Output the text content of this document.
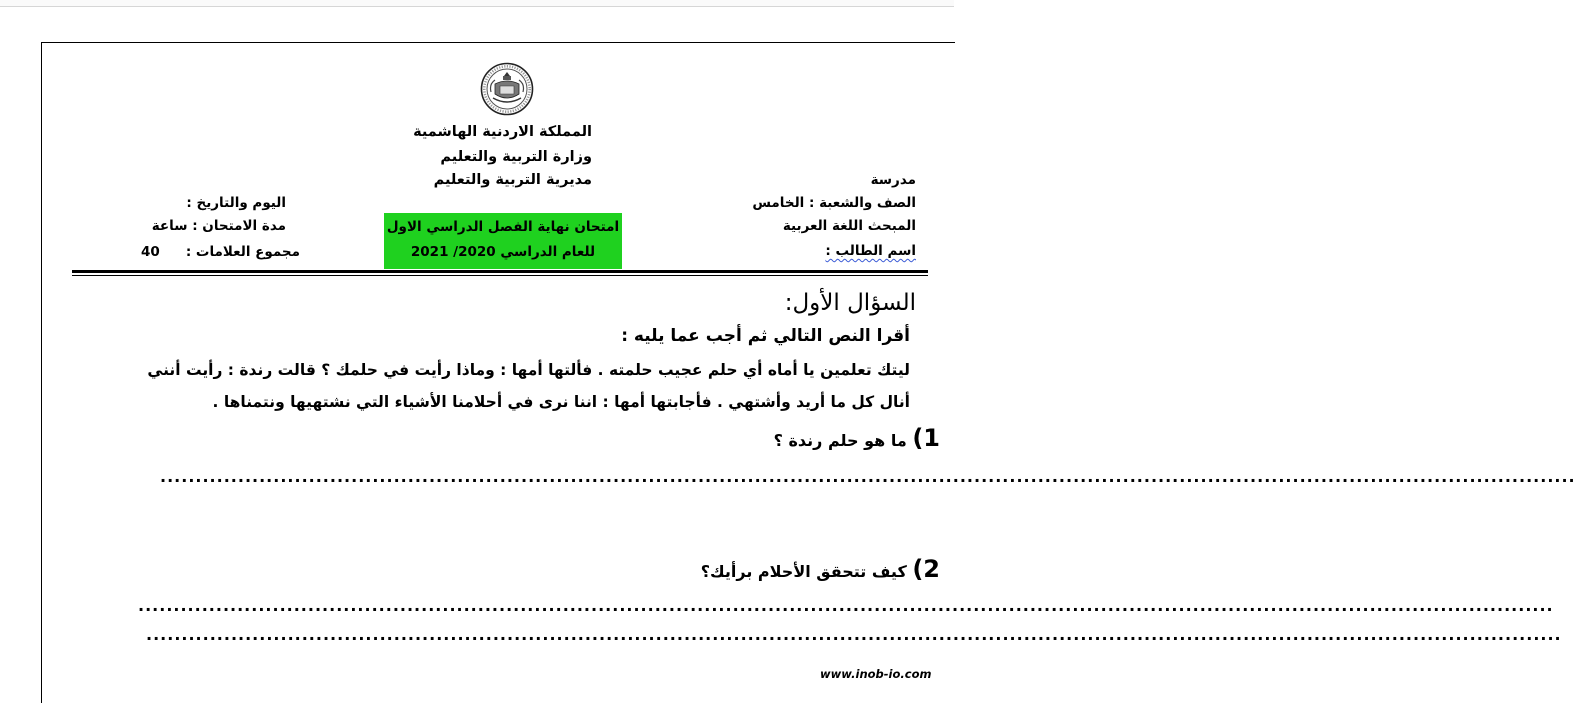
المملكة الاردنية الهاشمية
وزارة التربية والتعليم
مديرية التربية والتعليم	مدرسة
الصف والشعبة : الخامس
المبحث اللغة العربية
اسم الطالب :
اليوم والتاريخ :
مدة الامتحان : ساعة
مجموع العلامات :
40
امتحان نهاية الفصل الدراسي الاول
للعام الدراسي 2020/ 2021
السؤال الأول:
أقرا النص التالي ثم أجب عما يليه :
ليتك تعلمين يا أماه أي حلم عجيب حلمته . فألتها أمها : وماذا رأيت في حلمك ؟ قالت رندة : رأيت أنني
أنال كل ما أريد وأشتهي . فأجابتها أمها : اننا نرى في أحلامنا الأشياء التي نشتهيها ونتمناها .
1) ما هو حلم رندة ؟
........................................................................................................................................................................................................
2) كيف تتحقق الأحلام برأيك؟
........................................................................................................................................................................................................
........................................................................................................................................................................................................
www.inob-io.com
